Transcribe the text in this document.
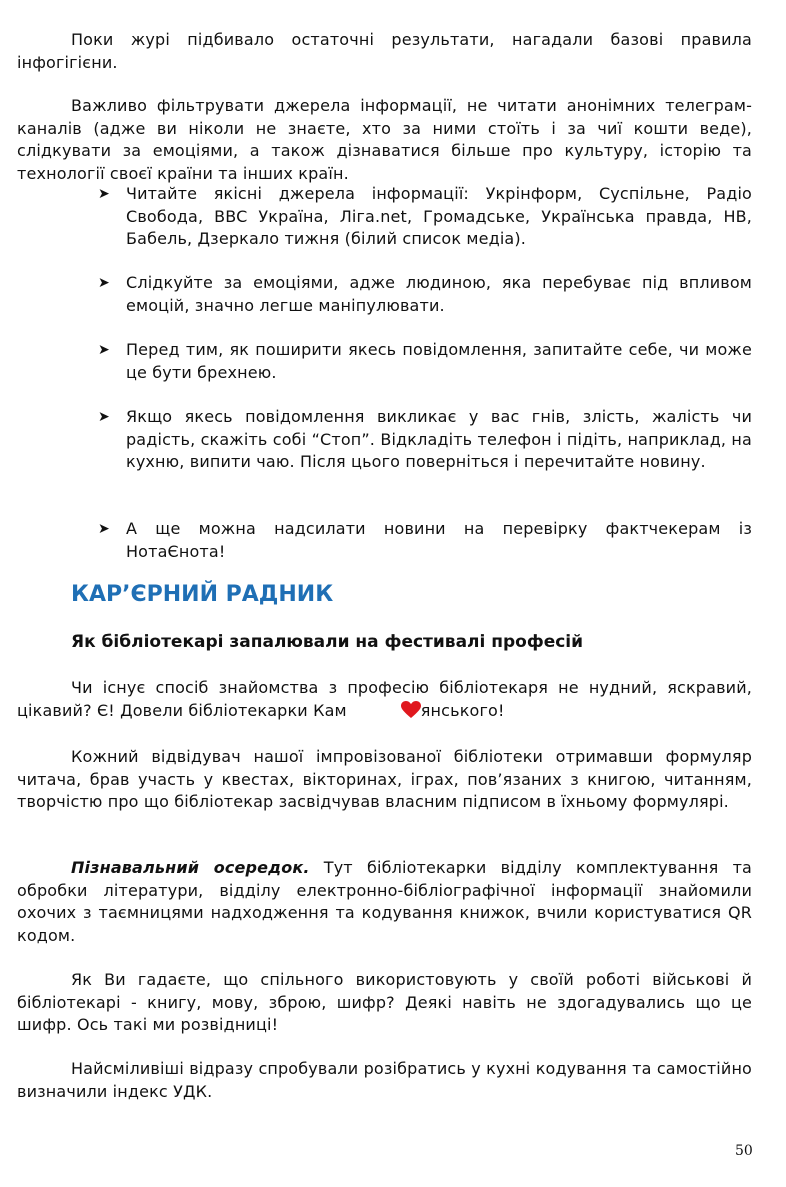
Поки журі підбивало остаточні результати, нагадали базові правила інфогігієни.

Важливо фільтрувати джерела інформації, не читати анонімних телеграм-каналів (адже ви ніколи не знаєте, хто за ними стоїть і за чиї кошти веде), слідкувати за емоціями, а також дізнаватися більше про культуру, історію та технології своєї країни та інших країн.

➤ Читайте якісні джерела інформації: Укрінформ, Суспільне, Радіо Свобода, BBC Україна, Ліга.net, Громадське, Українська правда, НВ, Бабель, Дзеркало тижня (білий список медіа).
➤ Слідкуйте за емоціями, адже людиною, яка перебуває під впливом емоцій, значно легше маніпулювати.
➤ Перед тим, як поширити якесь повідомлення, запитайте себе, чи може це бути брехнею.
➤ Якщо якесь повідомлення викликає у вас гнів, злість, жалість чи радість, скажіть собі “Стоп”. Відкладіть телефон і підіть, наприклад, на кухню, випити чаю. Після цього поверніться і перечитайте новину.
➤ А ще можна надсилати новини на перевірку фактчекерам із НотаЄнота!
КАР’ЄРНИЙ РАДНИК
Як бібліотекарі запалювали на фестивалі професій

Чи існує спосіб знайомства з професію бібліотекаря не нудний, яскравий, цікавий? Є! Довели бібліотекарки Кам	янського!

Кожний відвідувач нашої імпровізованої бібліотеки отримавши формуляр читача, брав участь у квестах, вікторинах, іграх, пов’язаних з книгою, читанням, творчістю про що бібліотекар засвідчував власним підписом в їхньому формулярі.

Пізнавальний осередок. Тут бібліотекарки відділу комплектування та обробки літератури, відділу електронно-бібліографічної інформації знайомили охочих з таємницями надходження та кодування книжок, вчили користуватися QR кодом.

Як Ви гадаєте, що спільного використовують у своїй роботі військові й бібліотекарі - книгу, мову, зброю, шифр? Деякі навіть не здогадувались що це шифр. Ось такі ми розвідниці!

Найсміливіші відразу спробували розібратись у кухні кодування та самостійно визначили індекс УДК.

50
